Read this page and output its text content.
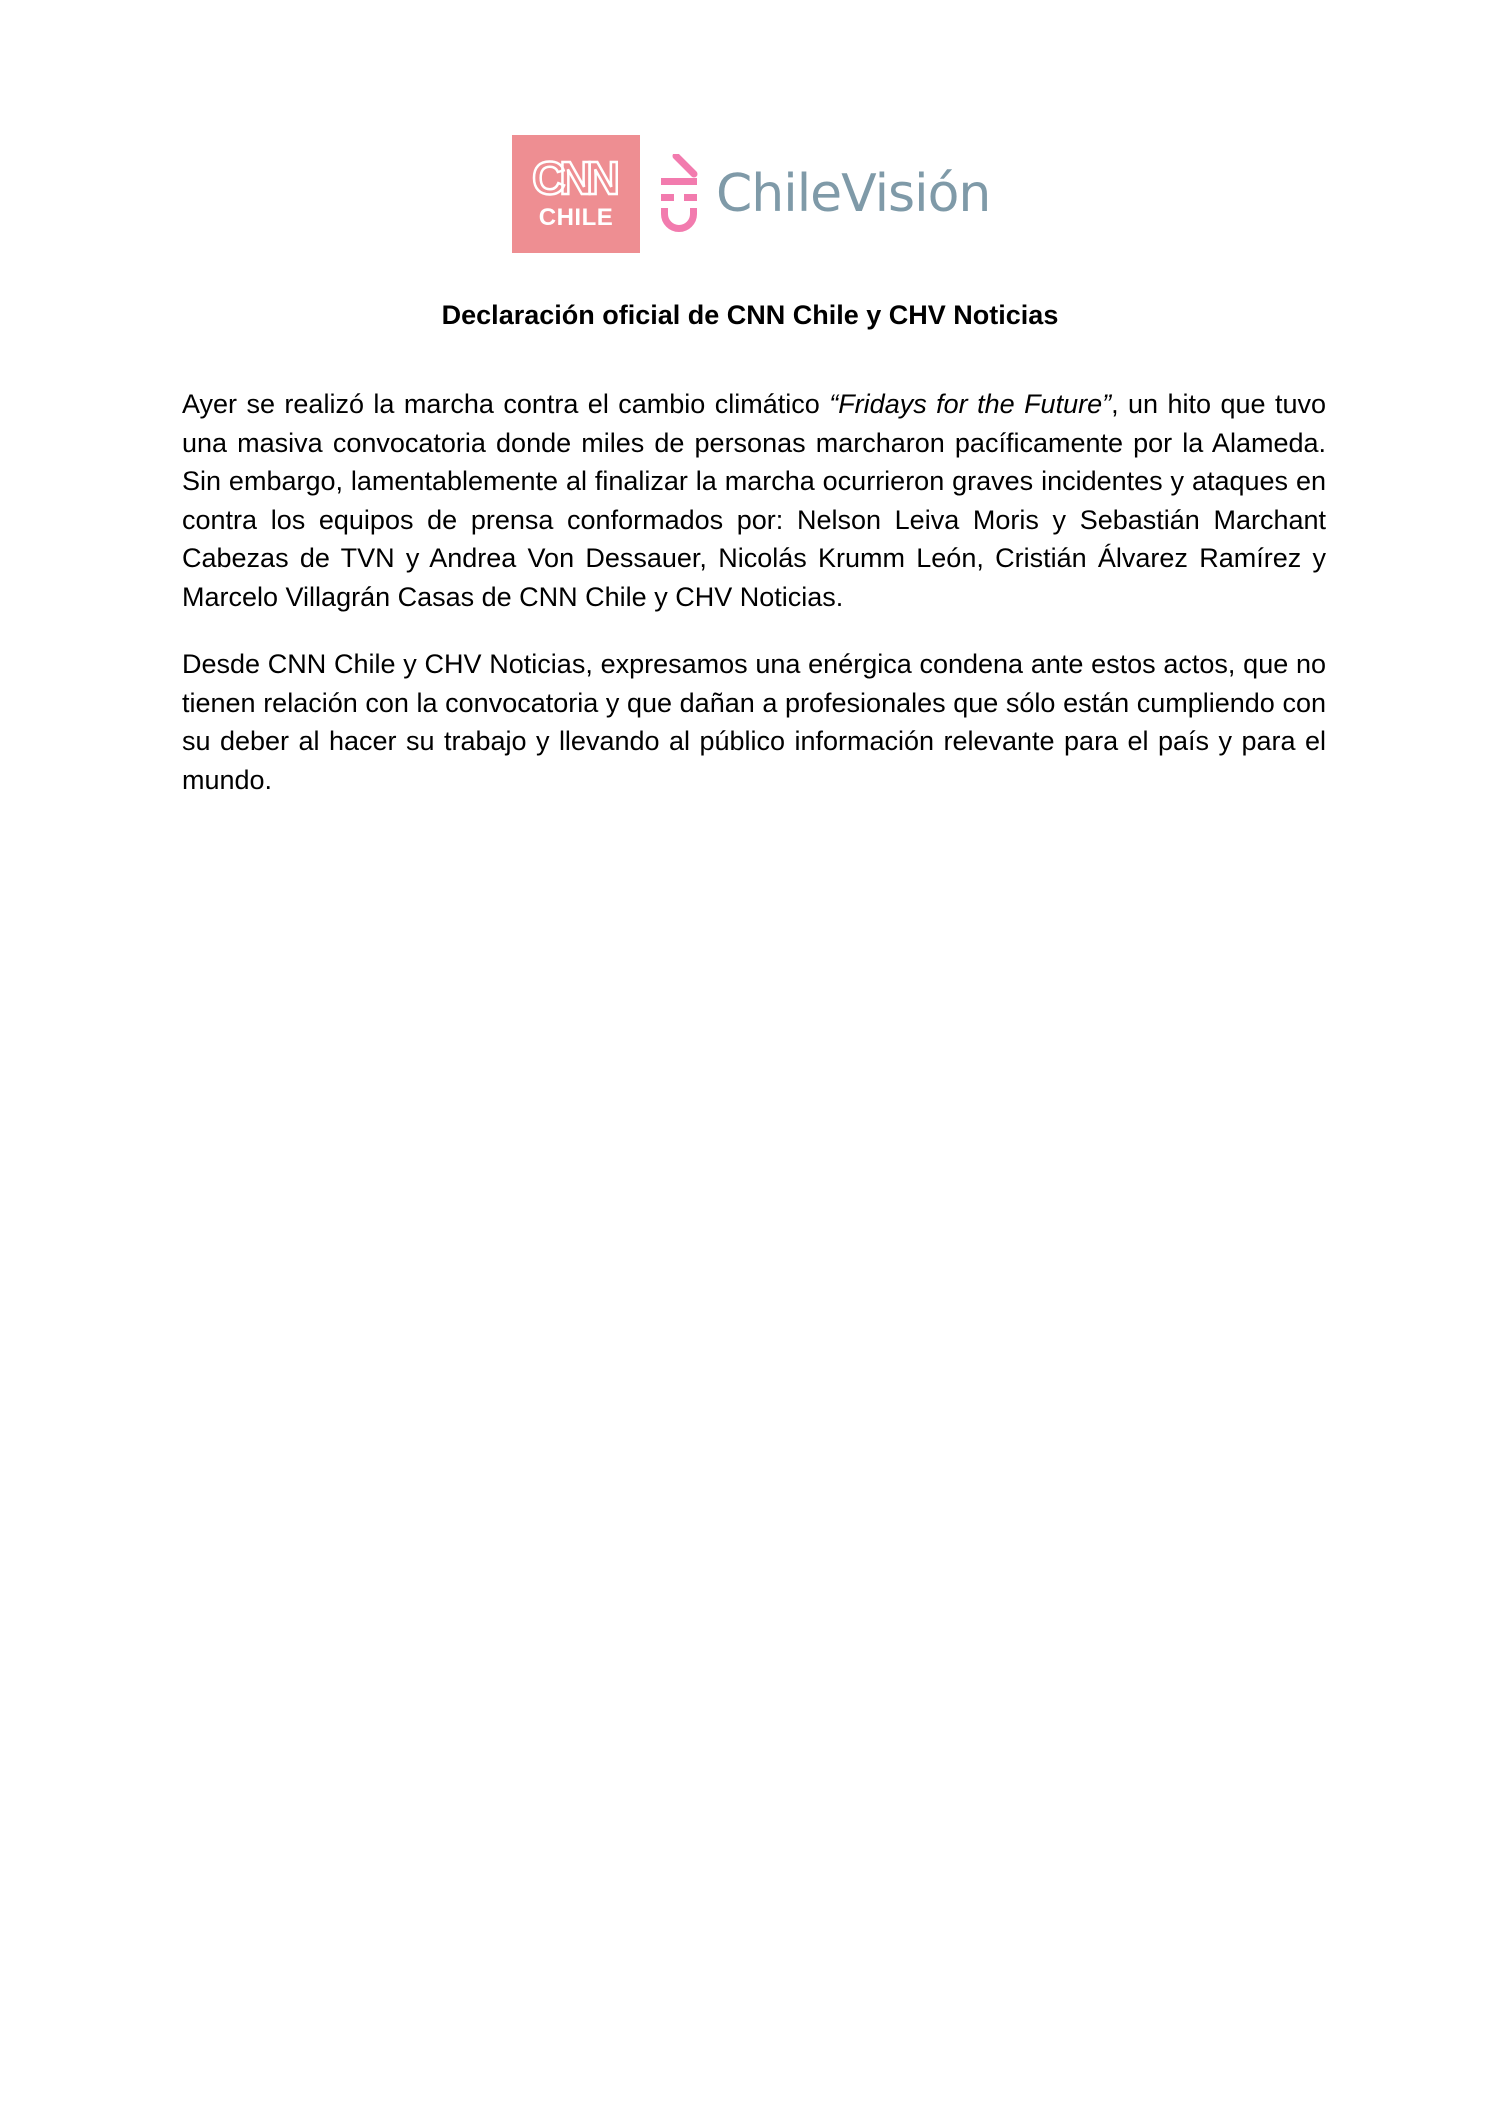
CNN
CHILE ChileVisión
Declaración oficial de CNN Chile y CHV Noticias

Ayer se realizó la marcha contra el cambio climático “Fridays for the Future”, un hito que tuvo una masiva convocatoria donde miles de personas marcharon pacíficamente por la Alameda. Sin embargo, lamentablemente al finalizar la marcha ocurrieron graves incidentes y ataques en contra los equipos de prensa conformados por: Nelson Leiva Moris y Sebastián Marchant Cabezas de TVN y Andrea Von Dessauer, Nicolás Krumm León, Cristián Álvarez Ramírez y Marcelo Villagrán Casas de CNN Chile y CHV Noticias.

Desde CNN Chile y CHV Noticias, expresamos una enérgica condena ante estos actos, que no tienen relación con la convocatoria y que dañan a profesionales que sólo están cumpliendo con su deber al hacer su trabajo y llevando al público información relevante para el país y para el mundo.
